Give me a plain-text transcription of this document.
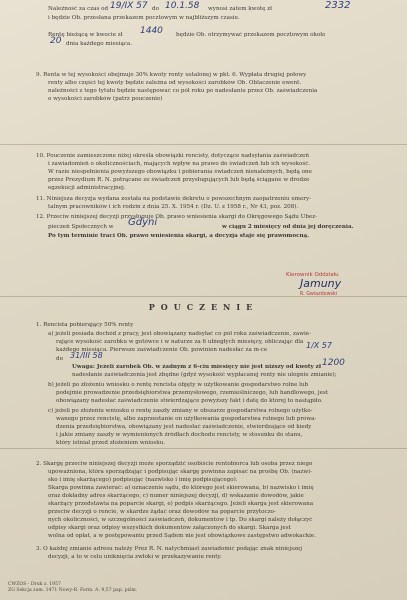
Należność za czas od 19/IX 57 do 10.1.58 wynosi zatem kwotę zł	2332
i będzie Ob. przesłana przekazem pocztowym w najbliższym czasie.
Rentę bieżącą w kwocie zł 1440 będzie Ob. otrzymywać przekazem pocztowym około
20 dnia każdego miesiąca.
9. Renta w tej wysokości obejmuje 30% kwoty renty ustalonej w pkt. 6. Wypłata drugiej połowy
renty albo części tej kwoty będzie zależna od wysokości zarobków Ob. Oblaczenie ewent.
należności z tego tytułu będzie następować co pół roku po nadesłaniu przez Ob. zaświadczenia
o wysokości zarobków (patrz pouczenie)
10. Pouczenie zamieszczone niżej określa obowiązki rencisty, dotyczące nadsyłania zaświadczeń
i zawiadomień o okolicznościach, mających wpływ na prawo do świadczeń lub ich wysokość.
W razie niespełnienia powyższego obowiązku i pobierania świadczeń nienależnych, będą one
przez Prezydium R. N. potrącane ze świadczeń przysługujących lub będą ściągane w drodze
egzekucji administracyjnej.
11. Niniejsza decyzja wydana została na podstawie dekretu o powszechnym zaopatrzeniu emery-
talnym pracowników i ich rodzin z dnia 25. X. 1954 r. (Dz. U. z 1958 r., Nr 43, poz. 208).
12. Przeciw niniejszej decyzji przysługuje Ob. prawo wniesienia skargi do Okręgowego Sądu Ubez-
pieczeń Społecznych w Gdyni	w ciągu 2 miesięcy od dnia jej doręczenia.
Po tym terminie traci Ob. prawo wniesienia skargi, a decyzja staje się prawomocną.
Kierownik Oddziału
Jamuny
R. Gwiazdowski
POUCZENIE
1. Rencista pobierający 50% renty
a) jeżeli posiada dochód z pracy, jest obowiązany nadsyłać co pół roku zaświadczenie, zawie-
rające wysokość zarobku w gotówce i w naturze za 6 ubiegłych miesięcy, obliczając dla
każdego miesiąca. Pierwsze zaświadczenie Ob. powinien nadesłać za m-ce	1/X 57
do 31/III 58
Uwaga: Jeżeli zarobek Ob. w żadnym z 6-ciu miesięcy nie jest niższy od kwoty zł 1200
nadesłanie zaświadczenia jest zbędne (gdyż wysokość wypłacanej renty nie ulegnie zmianie);
b) jeżeli po złożeniu wniosku o rentę rencista objęty w użytkowanie gospodarstwo rolne lub
podejmie prowadzenie przedsiębiorstwa przemysłowego, rzemieślniczego, lub handlowego, jest
obowiązany nadesłać zaświadczenie stwierdzające powyższy fakt i datę do której to nastąpiło.
c) jeżeli po złożeniu wniosku o rentę zaszły zmiany w obszarze gospodarstwa rolnego użytko-
wanego przez rencistę, albo zaprzestanie on użytkowania gospodarstwa rolnego lub prowa-
dzenia przedsiębiorstwa, obowiązany jest nadesłać zaświadczenie, stwierdzające od kiedy
i jakie zmiany zaszły w wymienionych źródłach dochodu rencisty, w stosunku do stanu,
który istniał przed złożeniem wniosku.
2. Skargę przeciw niniejszej decyzji może sporządzić osobiście rentobiorca lub osoba przez niego
upoważniona, która sporządzając i podpisując skargę powinna zapisać na prośbę Ob. (nazwi-
sko i imię skarżącego) podpisując (nazwisko i imię podpisującego).
Skarga powinna zawierać: a) oznaczenie sądu, do którego jest skierowana, b) nazwisko i imię
oraz dokładny adres skarżącego, c) numer niniejszej decyzji, d) wskazanie dowodów, jakie
skarżący przedstawia na poparcie skargi, e) podpis skarżącego. Jeżeli skarga jest skierowana
przeciw decyzji o rencie, w skardze żądać oraz dowodów na poparcie przytoczo-
nych okoliczności, w szczególności zaświadczeń, dokumentów i tp. Do skargi należy dołączyć
odpisy skargi oraz odpisy wszystkich dokumentów załączonych do skargi. Skarga jest
wolna od opłat, a w postępowaniu przed Sądem nie jest obowiązkowe zastępstwo adwokackie.
3. O każdej zmianie adresu należy Prez R. N. natychmiast zawiadomić podając znak niniejszej
decyzji, a to w celu uniknięcia zwłoki w przekazywaniu renty.
CWZOS - Druk z. 1957
ZG Sekcja zam. 1471 Nowy-R. Form. A. 9,57 pap. piśm.
